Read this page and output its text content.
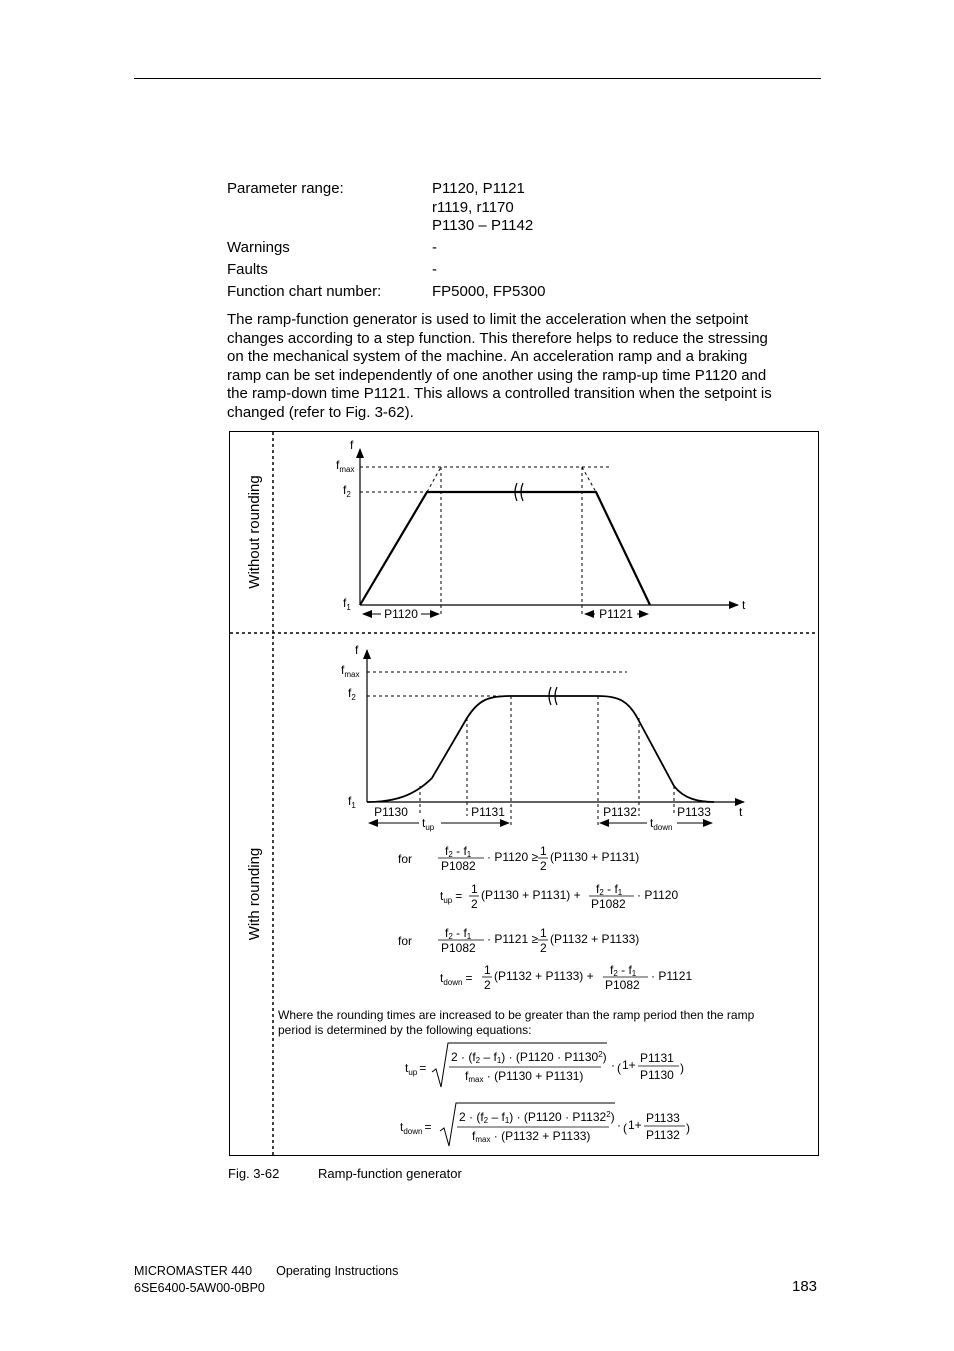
Parameter range:	P1120, P1121
r1119, r1170
P1130 – P1142
Warnings	-
Faults	-
Function chart number:	FP5000, FP5300
The ramp-function generator is used to limit the acceleration when the setpoint
changes according to a step function. This therefore helps to reduce the stressing
on the mechanical system of the machine. An acceleration ramp and a braking
ramp can be set independently of one another using the ramp-up time P1120 and
the ramp-down time P1121. This allows a controlled transition when the setpoint is
changed (refer to Fig. 3-62).
Without rounding
With rounding
f
$f_{max}$
$f_2$
$f_1$	t
P1120	P1121
f
$f_{max}$
$f_2$
$f_1$	t
P1130	P1131	P1132	P1133
$t_{up}$	$t_{down}$
for
f2 - f1
P1082
· P1120 ≥ 1
2
(P1130 + P1131)
$t_{up} = 1$
2
(P1130 + P1131) + f2 - f1
P1082
· P1120
for
f2 - f1
P1082
· P1121 ≥ 1
2
(P1132 + P1133)
$t_{down}$ =
1
2
(P1132 + P1133) + f2 - f1
P1082
· P1121
Where the rounding times are increased to be greater than the ramp period then the ramp
period is determined by the following equations:
$t_{up}$ =
$2 \cdot (f2 - f1) \cdot (P1120 \cdot P1130^2)$
fmax · (P1130 + P1131)
· ( 1+ P1131
P1130 )
$t_{down}$ =
$2 \cdot (f2 - f1) \cdot (P1120 \cdot P1132^2)$
fmax · (P1132 + P1133)
· ( 1+ P1133
P1132 )
Fig. 3-62	Ramp-function generator
MICROMASTER 440 Operating Instructions
6SE6400-5AW00-0BP0	183
